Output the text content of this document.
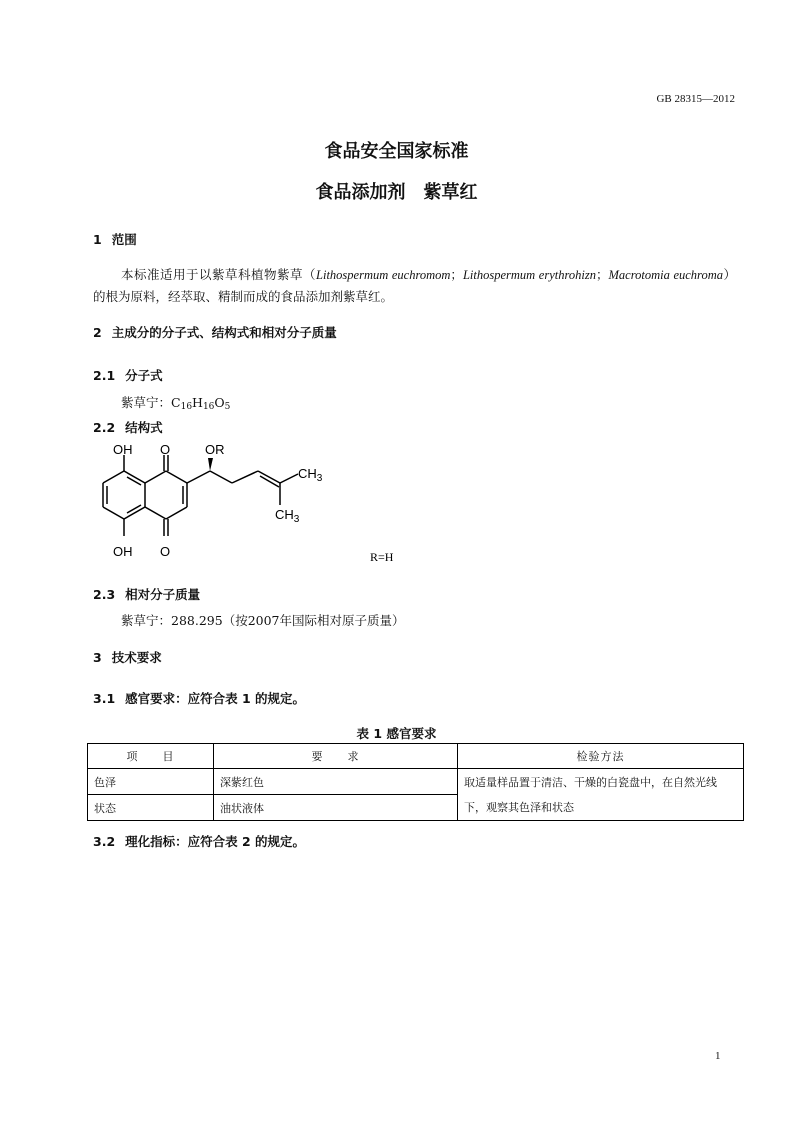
GB 28315—2012
食品安全国家标准
食品添加剂　紫草红
1 范围
本标准适用于以紫草科植物紫草（Lithospermum euchromom；Lithospermum erythrohizn；Macrotomia euchroma）的根为原料，经萃取、精制而成的食品添加剂紫草红。
2 主成分的分子式、结构式和相对分子质量
2.1 分子式
紫草宁：$C_{16}H_{16}O_5$
2.2 结构式
OH O	OR
$CH_3$
$CH_3$
OH O	R=H
2.3 相对分子质量
紫草宁：288.295（按2007年国际相对原子质量）
3 技术要求
3.1 感官要求：应符合表 1 的规定。
表 1 感官要求
项　　目	要　　求	检验方法
色泽	深紫红色	取适量样品置于清洁、干燥的白瓷盘中，在自然光线下，观察其色泽和状态
状态	油状液体	
3.2 理化指标：应符合表 2 的规定。
1
